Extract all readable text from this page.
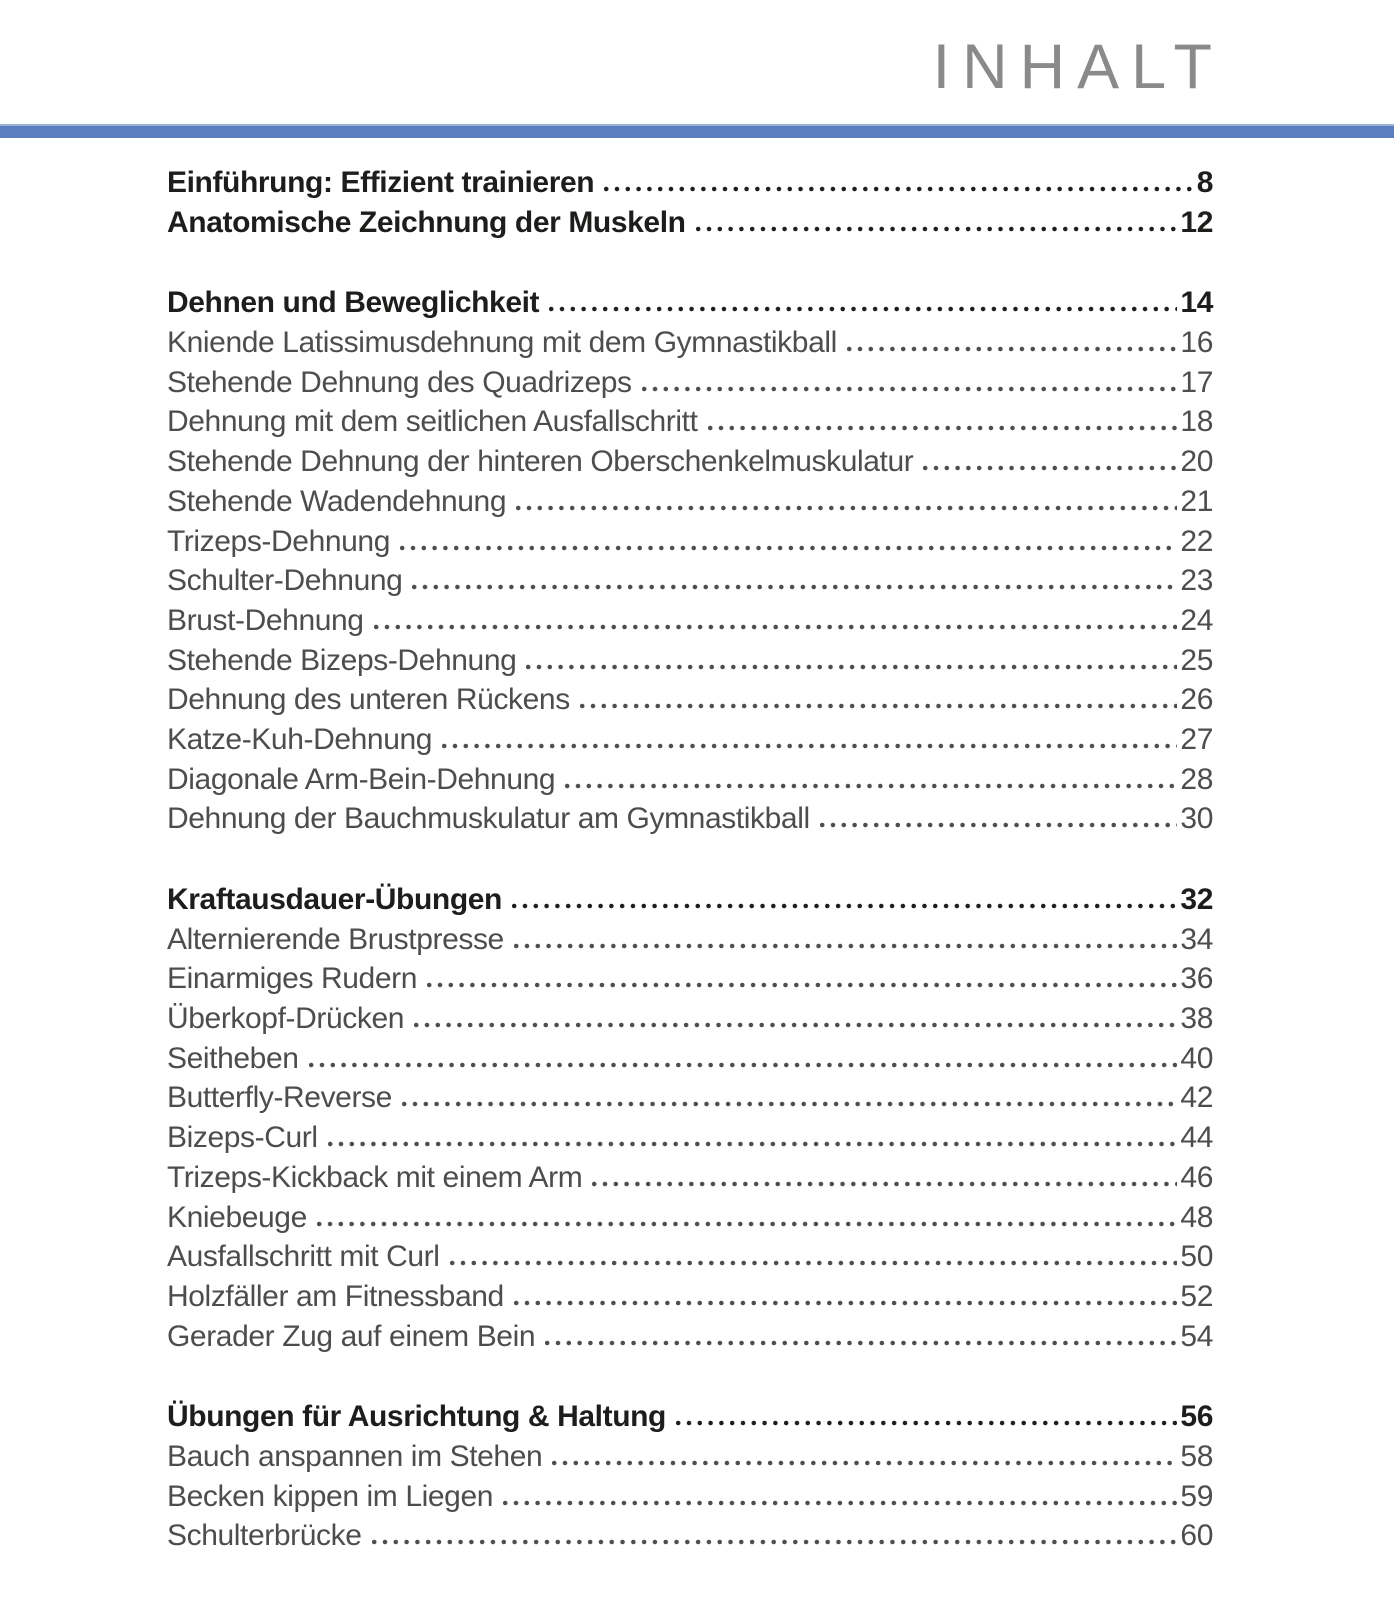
INHALT
Einführung: Effizient trainieren	8
Anatomische Zeichnung der Muskeln	12
Dehnen und Beweglichkeit	14
Kniende Latissimusdehnung mit dem Gymnastikball	16
Stehende Dehnung des Quadrizeps	17
Dehnung mit dem seitlichen Ausfallschritt	18
Stehende Dehnung der hinteren Oberschenkelmuskulatur	20
Stehende Wadendehnung	21
Trizeps-Dehnung	22
Schulter-Dehnung	23
Brust-Dehnung	24
Stehende Bizeps-Dehnung	25
Dehnung des unteren Rückens	26
Katze-Kuh-Dehnung	27
Diagonale Arm-Bein-Dehnung	28
Dehnung der Bauchmuskulatur am Gymnastikball	30
Kraftausdauer-Übungen	32
Alternierende Brustpresse	34
Einarmiges Rudern	36
Überkopf-Drücken	38
Seitheben	40
Butterfly-Reverse	42
Bizeps-Curl	44
Trizeps-Kickback mit einem Arm	46
Kniebeuge	48
Ausfallschritt mit Curl	50
Holzfäller am Fitnessband	52
Gerader Zug auf einem Bein	54
Übungen für Ausrichtung & Haltung	56
Bauch anspannen im Stehen	58
Becken kippen im Liegen	59
Schulterbrücke	60
